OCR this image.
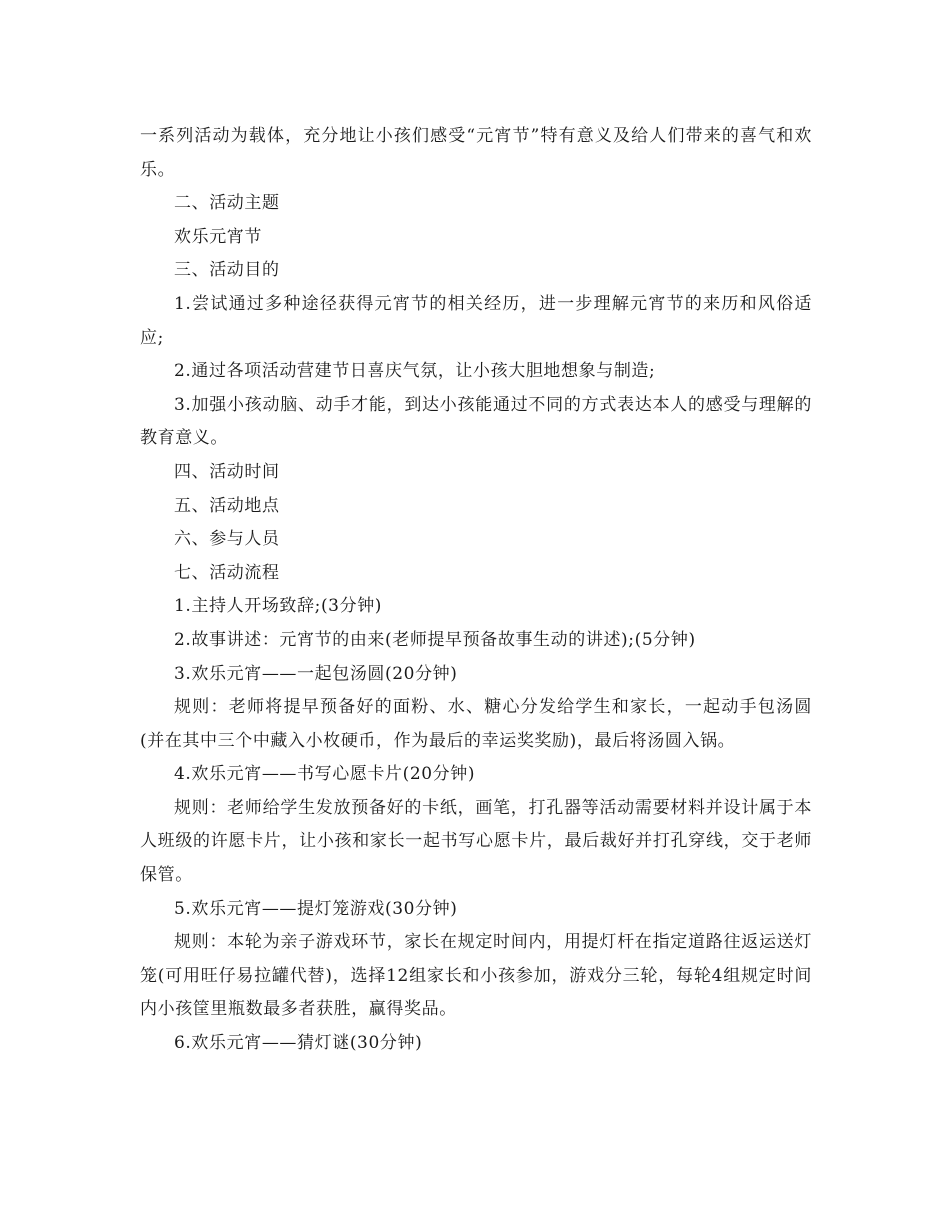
一系列活动为载体，充分地让小孩们感受“元宵节”特有意义及给人们带来的喜气和欢乐。

二、活动主题

欢乐元宵节

三、活动目的

1.尝试通过多种途径获得元宵节的相关经历，进一步理解元宵节的来历和风俗适应;

2.通过各项活动营建节日喜庆气氛，让小孩大胆地想象与制造;

3.加强小孩动脑、动手才能，到达小孩能通过不同的方式表达本人的感受与理解的教育意义。

四、活动时间

五、活动地点

六、参与人员

七、活动流程

1.主持人开场致辞;(3分钟)

2.故事讲述：元宵节的由来(老师提早预备故事生动的讲述);(5分钟)

3.欢乐元宵——一起包汤圆(20分钟)

规则：老师将提早预备好的面粉、水、糖心分发给学生和家长，一起动手包汤圆(并在其中三个中藏入小枚硬币，作为最后的幸运奖奖励)，最后将汤圆入锅。

4.欢乐元宵——书写心愿卡片(20分钟)

规则：老师给学生发放预备好的卡纸，画笔，打孔器等活动需要材料并设计属于本人班级的许愿卡片，让小孩和家长一起书写心愿卡片，最后裁好并打孔穿线，交于老师保管。

5.欢乐元宵——提灯笼游戏(30分钟)

规则：本轮为亲子游戏环节，家长在规定时间内，用提灯杆在指定道路往返运送灯笼(可用旺仔易拉罐代替)，选择12组家长和小孩参加，游戏分三轮，每轮4组规定时间内小孩筐里瓶数最多者获胜，赢得奖品。

6.欢乐元宵——猜灯谜(30分钟)
